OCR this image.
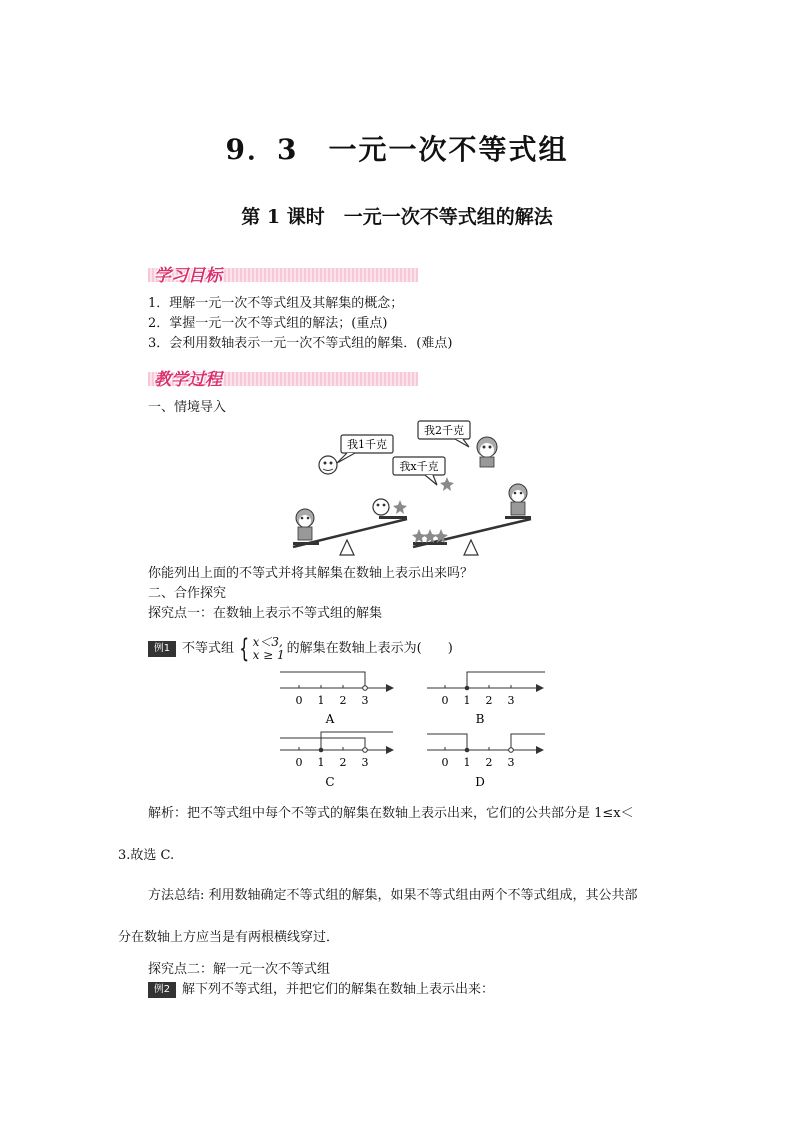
9．3　一元一次不等式组
第 1 课时　一元一次不等式组的解法
学习目标
1．理解一元一次不等式组及其解集的概念；
2．掌握一元一次不等式组的解法；(重点)
3．会利用数轴表示一元一次不等式组的解集．(难点)
教学过程
一、情境导入
我1千克
我2千克
我x千克
你能列出上面的不等式并将其解集在数轴上表示出来吗？
二、合作探究
探究点一：在数轴上表示不等式组的解集
例1 不等式组 { x＜3,
x ≥ 1 的解集在数轴上表示为(　　)
0 1 2 3
A
0 1 2 3
B
0 1 2 3
C
0 1 2 3
D
解析：把不等式组中每个不等式的解集在数轴上表示出来，它们的公共部分是 1≤x＜
3.故选 C.
方法总结: 利用数轴确定不等式组的解集，如果不等式组由两个不等式组成，其公共部
分在数轴上方应当是有两根横线穿过．
探究点二：解一元一次不等式组
例2 解下列不等式组，并把它们的解集在数轴上表示出来：
